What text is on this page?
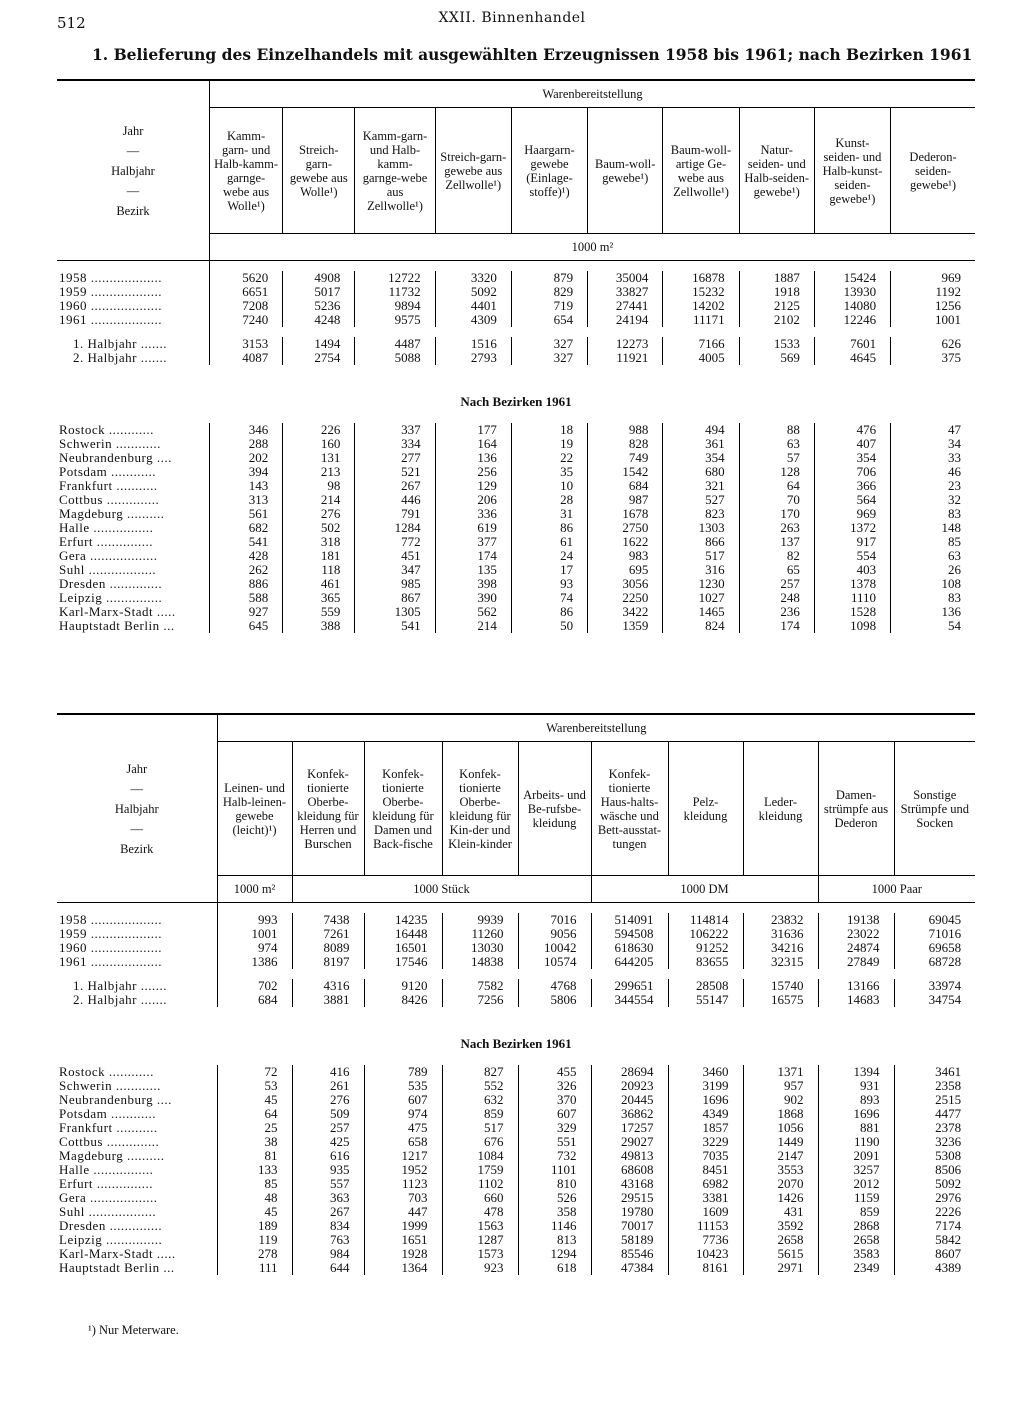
512	XXII. Binnenhandel
1. Belieferung des Einzelhandels mit ausgewählten Erzeugnissen 1958 bis 1961; nach Bezirken 1961
Jahr
—
Halbjahr
—
Bezirk	Warenbereitstellung									
	Kamm-garn- und Halb-kamm-garnge-webe aus Wolle¹)	Streich-garn-gewebe aus Wolle¹)	Kamm-garn- und Halb-kamm-garnge-webe aus Zellwolle¹)	Streich-garn-gewebe aus Zellwolle¹)	Haargarn-gewebe (Einlage-stoffe)¹)	Baum-woll-gewebe¹)	Baum-woll-artige Ge-webe aus Zellwolle¹)	Natur-seiden- und Halb-seiden-gewebe¹)	Kunst-seiden- und Halb-kunst-seiden-gewebe¹)	Dederon-seiden-gewebe¹)
	1000 m²									

1958 ...................	5620	4908	12722	3320	879	35004	16878	1887	15424	969
1959 ...................	6651	5017	11732	5092	829	33827	15232	1918	13930	1192
1960 ...................	7208	5236	9894	4401	719	27441	14202	2125	14080	1256
1961 ...................	7240	4248	9575	4309	654	24194	11171	2102	12246	1001

1. Halbjahr .......	3153	1494	4487	1516	327	12273	7166	1533	7601	626
2. Halbjahr .......	4087	2754	5088	2793	327	11921	4005	569	4645	375
Nach Bezirken 1961										
Rostock ............	346	226	337	177	18	988	494	88	476	47
Schwerin ............	288	160	334	164	19	828	361	63	407	34
Neubrandenburg ....	202	131	277	136	22	749	354	57	354	33
Potsdam ............	394	213	521	256	35	1542	680	128	706	46
Frankfurt ...........	143	98	267	129	10	684	321	64	366	23
Cottbus ..............	313	214	446	206	28	987	527	70	564	32
Magdeburg ..........	561	276	791	336	31	1678	823	170	969	83
Halle ................	682	502	1284	619	86	2750	1303	263	1372	148
Erfurt ...............	541	318	772	377	61	1622	866	137	917	85
Gera ..................	428	181	451	174	24	983	517	82	554	63
Suhl ..................	262	118	347	135	17	695	316	65	403	26
Dresden ..............	886	461	985	398	93	3056	1230	257	1378	108
Leipzig ...............	588	365	867	390	74	2250	1027	248	1110	83
Karl-Marx-Stadt .....	927	559	1305	562	86	3422	1465	236	1528	136
Hauptstadt Berlin ...	645	388	541	214	50	1359	824	174	1098	54
Jahr
—
Halbjahr
—
Bezirk	Warenbereitstellung									
	Leinen- und Halb-leinen-gewebe (leicht)¹)	Konfek-tionierte Oberbe-kleidung für Herren und Burschen	Konfek-tionierte Oberbe-kleidung für Damen und Back-fische	Konfek-tionierte Oberbe-kleidung für Kin-der und Klein-kinder	Arbeits- und Be-rufsbe-kleidung	Konfek-tionierte Haus-halts-wäsche und Bett-ausstat-tungen	Pelz-kleidung	Leder-kleidung	Damen-strümpfe aus Dederon	Sonstige Strümpfe und Socken
	1000 m²	1000 Stück				1000 DM			1000 Paar	

1958 ...................	993	7438	14235	9939	7016	514091	114814	23832	19138	69045
1959 ...................	1001	7261	16448	11260	9056	594508	106222	31636	23022	71016
1960 ...................	974	8089	16501	13030	10042	618630	91252	34216	24874	69658
1961 ...................	1386	8197	17546	14838	10574	644205	83655	32315	27849	68728

1. Halbjahr .......	702	4316	9120	7582	4768	299651	28508	15740	13166	33974
2. Halbjahr .......	684	3881	8426	7256	5806	344554	55147	16575	14683	34754
Nach Bezirken 1961										
Rostock ............	72	416	789	827	455	28694	3460	1371	1394	3461
Schwerin ............	53	261	535	552	326	20923	3199	957	931	2358
Neubrandenburg ....	45	276	607	632	370	20445	1696	902	893	2515
Potsdam ............	64	509	974	859	607	36862	4349	1868	1696	4477
Frankfurt ...........	25	257	475	517	329	17257	1857	1056	881	2378
Cottbus ..............	38	425	658	676	551	29027	3229	1449	1190	3236
Magdeburg ..........	81	616	1217	1084	732	49813	7035	2147	2091	5308
Halle ................	133	935	1952	1759	1101	68608	8451	3553	3257	8506
Erfurt ...............	85	557	1123	1102	810	43168	6982	2070	2012	5092
Gera ..................	48	363	703	660	526	29515	3381	1426	1159	2976
Suhl ..................	45	267	447	478	358	19780	1609	431	859	2226
Dresden ..............	189	834	1999	1563	1146	70017	11153	3592	2868	7174
Leipzig ...............	119	763	1651	1287	813	58189	7736	2658	2658	5842
Karl-Marx-Stadt .....	278	984	1928	1573	1294	85546	10423	5615	3583	8607
Hauptstadt Berlin ...	111	644	1364	923	618	47384	8161	2971	2349	4389
¹) Nur Meterware.
